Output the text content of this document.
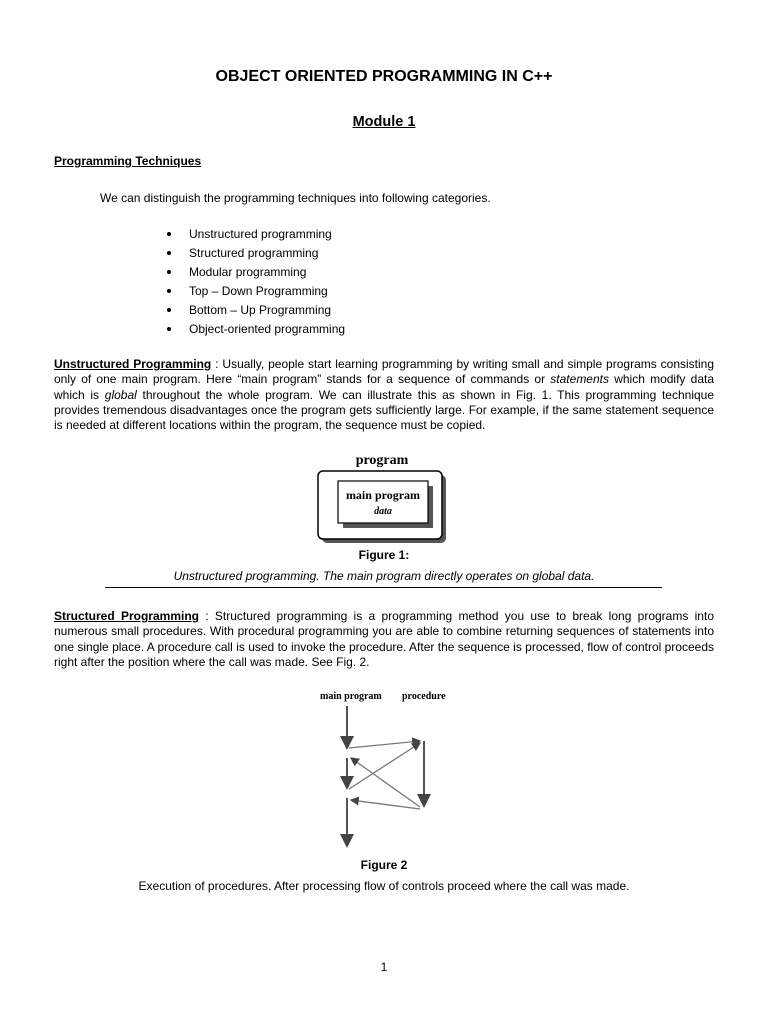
OBJECT ORIENTED PROGRAMMING IN C++
Module 1
Programming Techniques
We can distinguish the programming techniques into following categories.
Unstructured programming
Structured programming
Modular programming
Top – Down Programming
Bottom – Up Programming
Object-oriented programming
Unstructured Programming : Usually, people start learning programming by writing small and simple programs consisting only of one main program. Here “main program” stands for a sequence of commands or statements which modify data which is global throughout the whole program. We can illustrate this as shown in Fig. 1. This programming technique provides tremendous disadvantages once the program gets sufficiently large. For example, if the same statement sequence is needed at different locations within the program, the sequence must be copied.
program
main program
data
Figure 1:
Unstructured programming. The main program directly operates on global data.
Structured Programming : Structured programming is a programming method you use to break long programs into numerous small procedures. With procedural programming you are able to combine returning sequences of statements into one single place. A procedure call is used to invoke the procedure. After the sequence is processed, flow of control proceeds right after the position where the call was made. See Fig. 2.
main program procedure
Figure 2
Execution of procedures. After processing flow of controls proceed where the call was made.
1
